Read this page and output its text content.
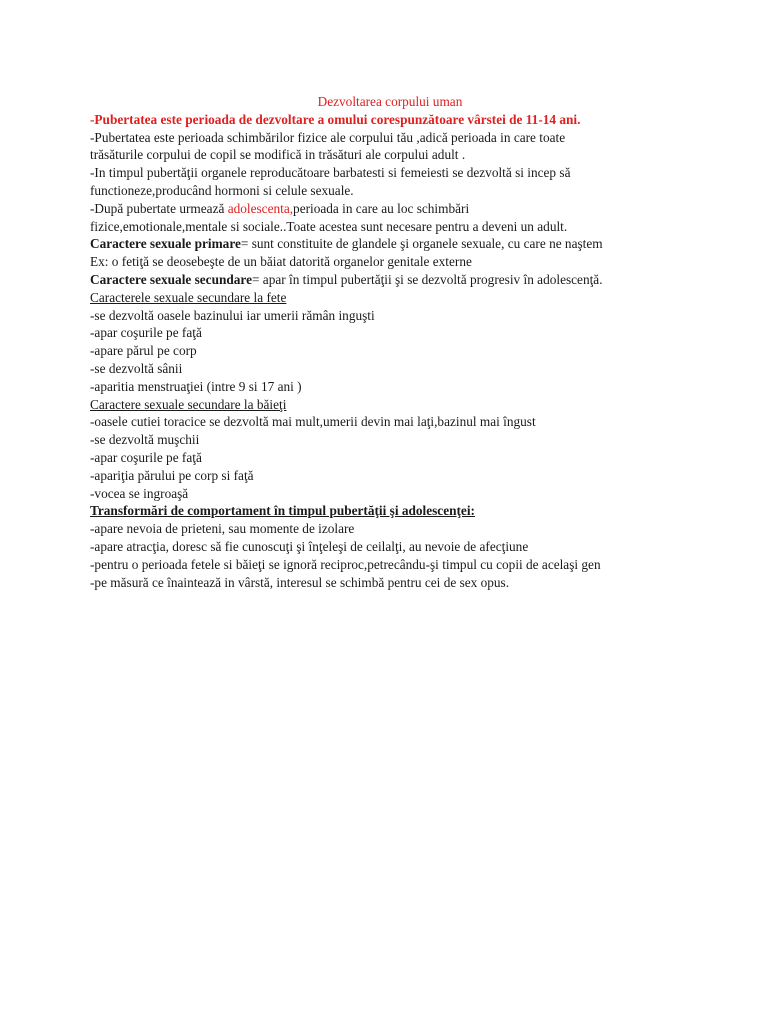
Dezvoltarea corpului uman

-Pubertatea este perioada de dezvoltare a omului corespunzătoare vârstei de 11-14 ani.

-Pubertatea este perioada schimbărilor fizice ale corpului tău ,adică perioada in care toate

trăsăturile corpului de copil se modifică in trăsături ale corpului adult .

-In timpul pubertăţii organele reproducătoare barbatesti si femeiesti se dezvoltă si incep să

functioneze,producând hormoni si celule sexuale.

-După pubertate urmează adolescenta,perioada in care au loc schimbări

fizice,emotionale,mentale si sociale..Toate acestea sunt necesare pentru a deveni un adult.

Caractere sexuale primare= sunt constituite de glandele şi organele sexuale, cu care ne naştem

Ex: o fetiţă se deosebeşte de un băiat datorită organelor genitale externe

Caractere sexuale secundare= apar în timpul pubertăţii şi se dezvoltă progresiv în adolescenţă.

Caracterele sexuale secundare la fete

-se dezvoltă oasele bazinului iar umerii rămân inguşti

-apar coşurile pe faţă

-apare părul pe corp

-se dezvoltă sânii

-aparitia menstruaţiei (intre 9 si 17 ani )

Caractere sexuale secundare la băieţi

-oasele cutiei toracice se dezvoltă mai mult,umerii devin mai laţi,bazinul mai îngust

-se dezvoltă muşchii

-apar coşurile pe faţă

-apariţia părului pe corp si faţă

-vocea se ingroaşă

Transformări de comportament în timpul pubertăţii şi adolescenţei:

-apare nevoia de prieteni, sau momente de izolare

-apare atracţia, doresc să fie cunoscuţi şi înţeleşi de ceilalţi, au nevoie de afecţiune

-pentru o perioada fetele si băieţi se ignoră reciproc,petrecându-şi timpul cu copii de acelaşi gen

-pe măsură ce înaintează in vârstă, interesul se schimbă pentru cei de sex opus.
